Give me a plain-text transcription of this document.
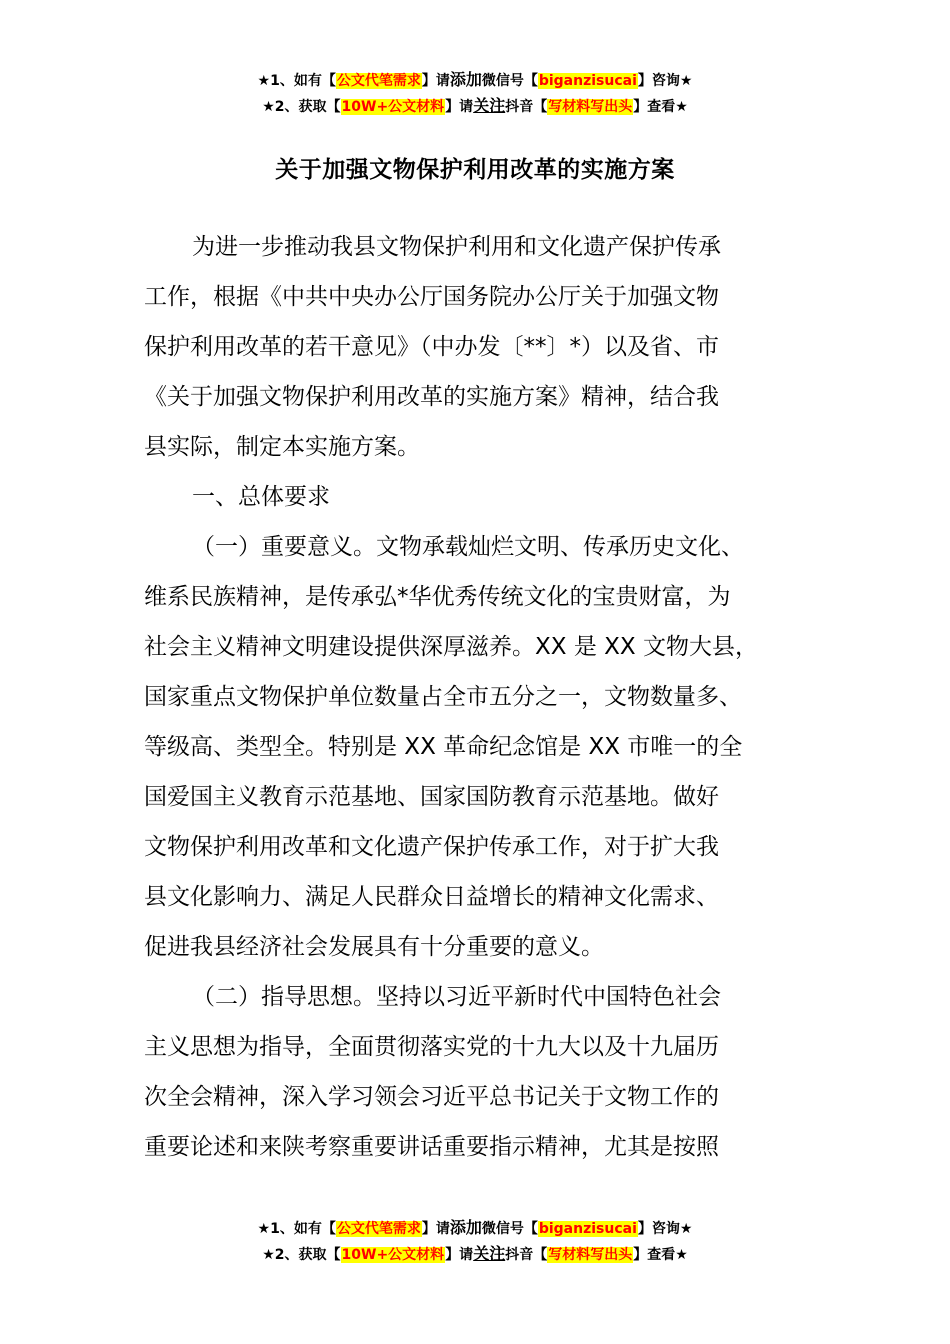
★1、如有【公文代笔需求】请添加微信号【biganzisucai】咨询★
★2、获取【10W+公文材料】请关注抖音【写材料写出头】查看★
关于加强文物保护利用改革的实施方案

为进一步推动我县文物保护利用和文化遗产保护传承
工作，根据《中共中央办公厅国务院办公厅关于加强文物
保护利用改革的若干意见》（中办发〔**〕*）以及省、市
《关于加强文物保护利用改革的实施方案》精神，结合我
县实际，制定本实施方案。

一、总体要求

（一）重要意义。文物承载灿烂文明、传承历史文化、
维系民族精神，是传承弘*华优秀传统文化的宝贵财富，为
社会主义精神文明建设提供深厚滋养。XX 是 XX 文物大县，
国家重点文物保护单位数量占全市五分之一，文物数量多、
等级高、类型全。特别是 XX 革命纪念馆是 XX 市唯一的全
国爱国主义教育示范基地、国家国防教育示范基地。做好
文物保护利用改革和文化遗产保护传承工作，对于扩大我
县文化影响力、满足人民群众日益增长的精神文化需求、
促进我县经济社会发展具有十分重要的意义。

（二）指导思想。坚持以习近平新时代中国特色社会
主义思想为指导，全面贯彻落实党的十九大以及十九届历
次全会精神，深入学习领会习近平总书记关于文物工作的
重要论述和来陕考察重要讲话重要指示精神，尤其是按照

★1、如有【公文代笔需求】请添加微信号【biganzisucai】咨询★
★2、获取【10W+公文材料】请关注抖音【写材料写出头】查看★
